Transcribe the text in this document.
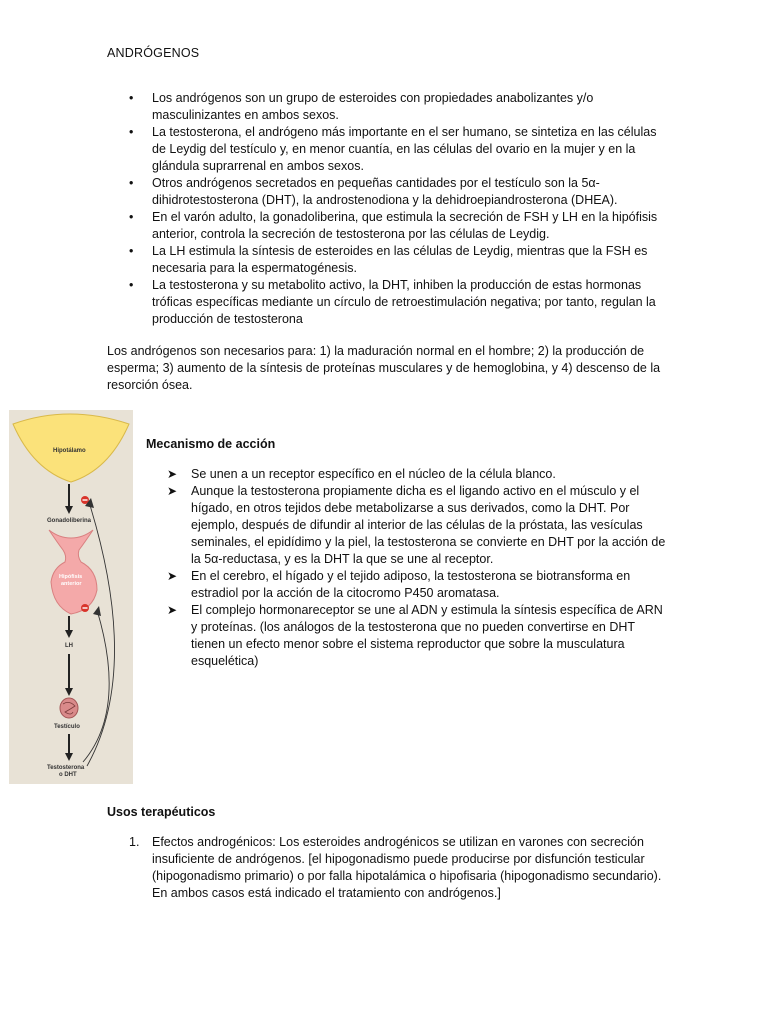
ANDRÓGENOS
• Los andrógenos son un grupo de esteroides con propiedades anabolizantes y/o masculinizantes en ambos sexos.
• La testosterona, el andrógeno más importante en el ser humano, se sintetiza en las células de Leydig del testículo y, en menor cuantía, en las células del ovario en la mujer y en la glándula suprarrenal en ambos sexos.
• Otros andrógenos secretados en pequeñas cantidades por el testículo son la 5α-dihidrotestosterona (DHT), la androstenodiona y la dehidroepiandrosterona (DHEA).
• En el varón adulto, la gonadoliberina, que estimula la secreción de FSH y LH en la hipófisis anterior, controla la secreción de testosterona por las células de Leydig.
• La LH estimula la síntesis de esteroides en las células de Leydig, mientras que la FSH es necesaria para la espermatogénesis.
• La testosterona y su metabolito activo, la DHT, inhiben la producción de estas hormonas tróficas específicas mediante un círculo de retroestimulación negativa; por tanto, regulan la producción de testosterona

Los andrógenos son necesarios para: 1) la maduración normal en el hombre; 2) la producción de esperma; 3) aumento de la síntesis de proteínas musculares y de hemoglobina, y 4) descenso de la resorción ósea.

Hipotálamo
Gonadoliberina
Hipófisis
anterior
LH
Testículo
Testosterona
o DHT
Mecanismo de acción
➤ Se unen a un receptor específico en el núcleo de la célula blanco.
➤ Aunque la testosterona propiamente dicha es el ligando activo en el músculo y el hígado, en otros tejidos debe metabolizarse a sus derivados, como la DHT. Por ejemplo, después de difundir al interior de las células de la próstata, las vesículas seminales, el epidídimo y la piel, la testosterona se convierte en DHT por la acción de la 5α-reductasa, y es la DHT la que se une al receptor.
➤ En el cerebro, el hígado y el tejido adiposo, la testosterona se biotransforma en estradiol por la acción de la citocromo P450 aromatasa.
➤ El complejo hormonareceptor se une al ADN y estimula la síntesis específica de ARN y proteínas. (los análogos de la testosterona que no pueden convertirse en DHT tienen un efecto menor sobre el sistema reproductor que sobre la musculatura esquelética)
Usos terapéuticos
1. Efectos androgénicos: Los esteroides androgénicos se utilizan en varones con secreción insuficiente de andrógenos. [el hipogonadismo puede producirse por disfunción testicular (hipogonadismo primario) o por falla hipotalámica o hipofisaria (hipogonadismo secundario). En ambos casos está indicado el tratamiento con andrógenos.]
